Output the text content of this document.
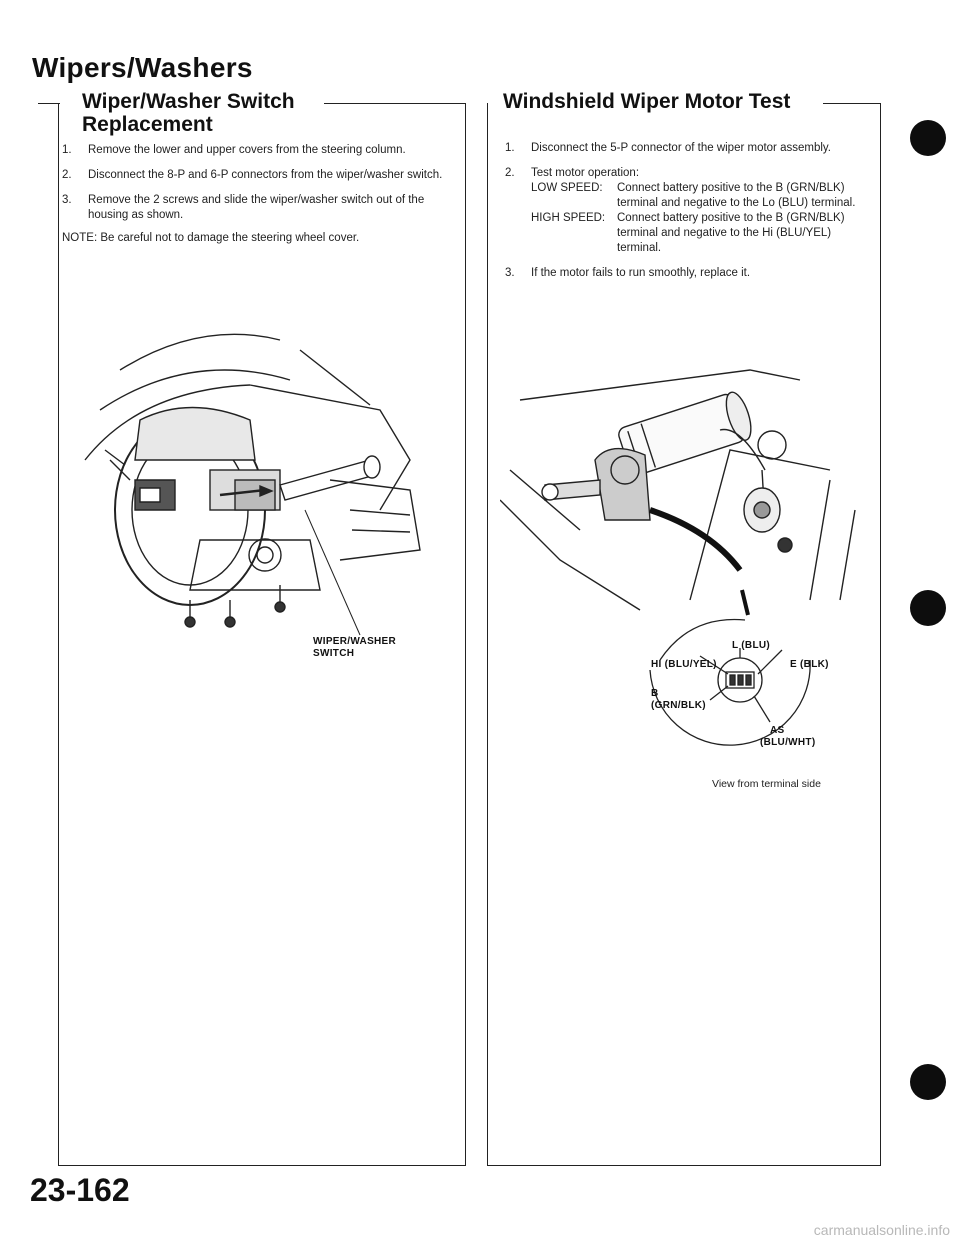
Wipers/Washers
Wiper/Washer Switch
Replacement
1. Remove the lower and upper covers from the steering column.
2. Disconnect the 8-P and 6-P connectors from the wiper/washer switch.
3. Remove the 2 screws and slide the wiper/washer switch out of the housing as shown.
NOTE: Be careful not to damage the steering wheel cover.
WIPER/WASHER
SWITCH
Windshield Wiper Motor Test
1. Disconnect the 5-P connector of the wiper motor assembly.
2. Test motor operation:
LOW SPEED:	Connect battery positive to the B (GRN/BLK) terminal and negative to the Lo (BLU) terminal.
HIGH SPEED:	Connect battery positive to the B (GRN/BLK) terminal and negative to the Hi (BLU/YEL) terminal.
3. If the motor fails to run smoothly, replace it.
L (BLU)
HI (BLU/YEL)	E (BLK)
B
(GRN/BLK)
AS
(BLU/WHT)
View from terminal side
23-162
carmanualsonline.info
